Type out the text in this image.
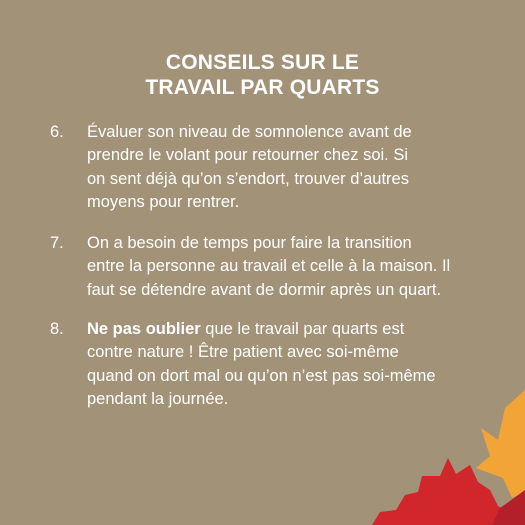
CONSEILS SUR LE
TRAVAIL PAR QUARTS
6. Évaluer son niveau de somnolence avant de
prendre le volant pour retourner chez soi. Si
on sent déjà qu’on s’endort, trouver d’autres
moyens pour rentrer.
7. On a besoin de temps pour faire la transition
entre la personne au travail et celle à la maison. Il
faut se détendre avant de dormir après un quart.
8. Ne pas oublier que le travail par quarts est
contre nature ! Être patient avec soi-même
quand on dort mal ou qu’on n’est pas soi-même
pendant la journée.
